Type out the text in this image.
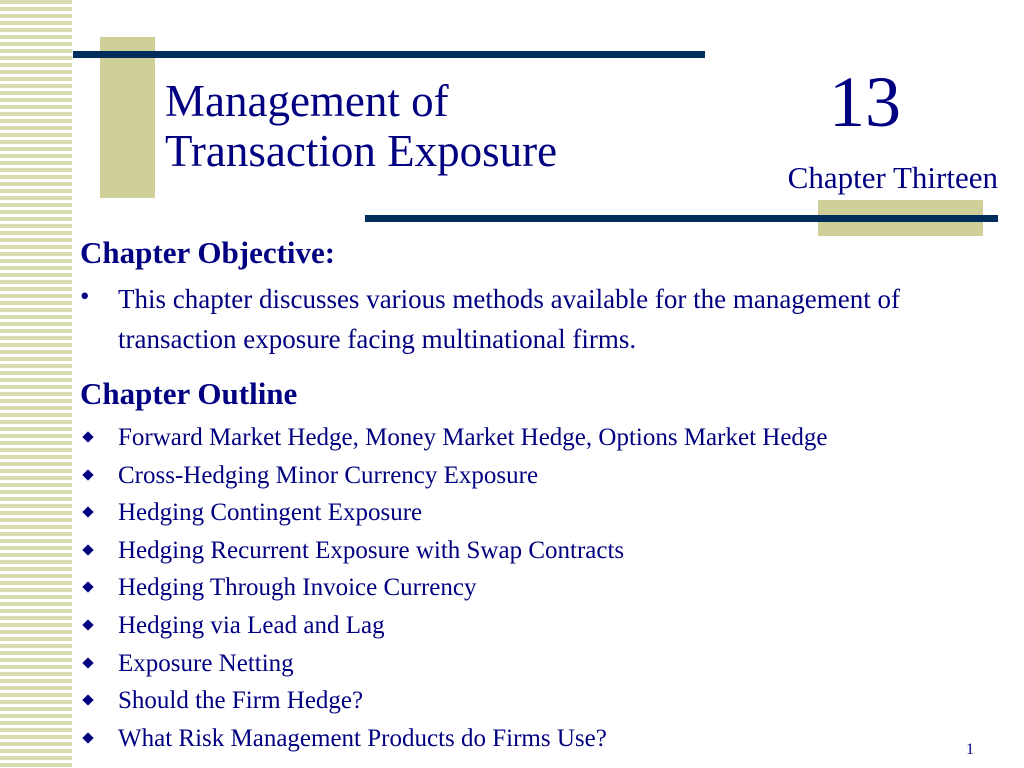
Management of
Transaction Exposure
13
Chapter Thirteen
Chapter Objective:
• This chapter discusses various methods available for the management of transaction exposure facing multinational firms.
Chapter Outline
Forward Market Hedge, Money Market Hedge, Options Market Hedge
Cross-Hedging Minor Currency Exposure
Hedging Contingent Exposure
Hedging Recurrent Exposure with Swap Contracts
Hedging Through Invoice Currency
Hedging via Lead and Lag
Exposure Netting
Should the Firm Hedge?
What Risk Management Products do Firms Use?	1
